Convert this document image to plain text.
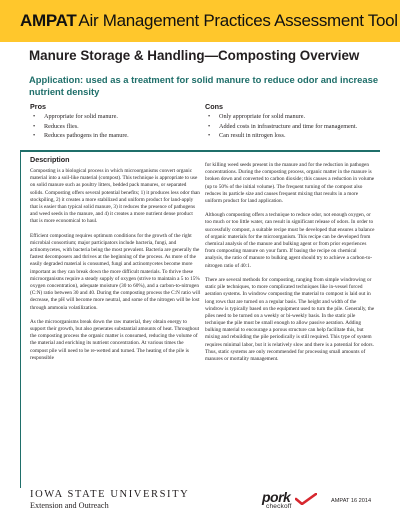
AMPAT Air Management Practices Assessment Tool
Manure Storage & Handling—Composting Overview

Application: used as a treatment for solid manure to reduce odor and increase nutrient density

Pros
• Appropriate for solid manure.
• Reduces flies.
• Reduces pathogens in the manure.
Cons
• Only appropriate for solid manure.
• Added costs in infrastructure and time for management.
• Can result in nitrogen loss.
Description

Composting is a biological process in which microorganisms convert organic material into a soil-like material (compost). This technique is appropriate to use on solid manure such as poultry litters, bedded pack manures, or separated solids. Composting offers several potential benefits; 1) it produces less odor than stockpiling, 2) it creates a more stabilized and uniform product for land-apply that is easier than typical solid manure, 3) it reduces the presence of pathogens and weed seeds in the manure, and 4) it creates a more nutrient dense product that is more economical to haul.

Efficient composting requires optimum conditions for the growth of the right microbial consortium; major participators include bacteria, fungi, and actinomycetes, with bacteria being the most prevalent. Bacteria are generally the fastest decomposers and thrives at the beginning of the process. As more of the easily degraded material is consumed, fungi and actinomycetes become more important as they can break down the more difficult materials. To thrive these microorganisms require a steady supply of oxygen (strive to maintain a 5 to 15% oxygen concentration), adequate moisture (30 to 60%), and a carbon-to-nitrogen (C:N) ratio between 30 and 40. During the composting process the C:N ratio will decrease, the pH will become more neutral, and some of the nitrogen will be lost through ammonia volatilization.

As the microorganisms break down the raw material, they obtain energy to support their growth, but also generates substantial amounts of heat. Throughout the composting process the organic matter is consumed, reducing the volume of the material and enriching its nutrient concentration. At various times the compost pile will need to be re-wetted and turned. The heating of the pile is responsible

for killing weed seeds present in the manure and for the reduction in pathogen concentrations. During the composting process, organic matter in the manure is broken down and converted to carbon dioxide; this causes a reduction in volume (up to 50% of the initial volume). The frequent turning of the compost also reduces its particle size and causes frequent mixing that results in a more uniform product for land application.

Although composting offers a technique to reduce odor, not enough oxygen, or too much or too little water, can result in significant release of odors. In order to successfully compost, a suitable recipe must be developed that ensures a balance of organic materials for the microorganism. This recipe can be developed from chemical analysis of the manure and bulking agent or from prior experiences from composting manure on your farm. If basing the recipe on chemical analysis, the ratio of manure to bulking agent should try to achieve a carbon-to-nitrogen ratio of 40:1.

There are several methods for composting, ranging from simple windrowing or static pile techniques, to more complicated techniques like in-vessel forced aeration systems. In windrow composting the material to compost is laid out in long rows that are turned on a regular basis. The height and width of the windrow is typically based on the equipment used to turn the pile. Generally, the piles need to be turned on a weekly or bi-weekly basis. In the static pile technique the pile must be small enough to allow passive aeration. Adding bulking material to encourage a porous structure can help facilitate this, but mixing and rebuilding the pile periodically is still required. This type of system requires minimal labor, but it is relatively slow and there is a potential for odors. Thus, static systems are only recommended for processing small amounts of manures or mortality management.

IOWA STATE UNIVERSITY
Extension and Outreach
pork
checkoff
AMPAT 16 2014
